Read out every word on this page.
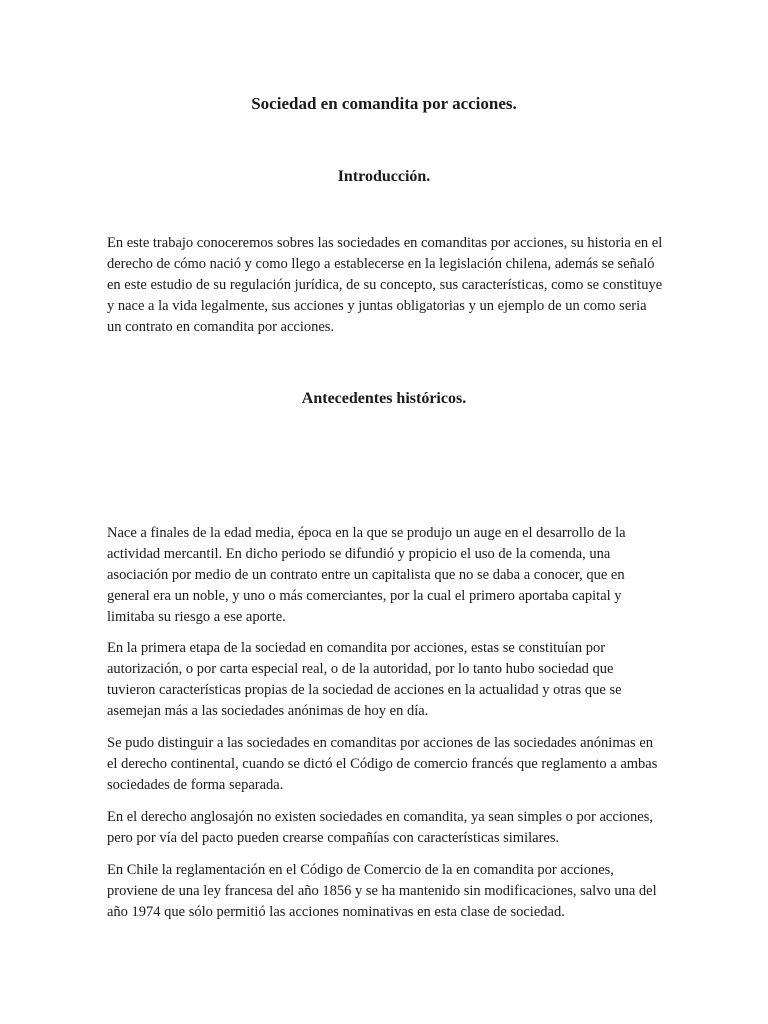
Sociedad en comandita por acciones.
Introducción.

En este trabajo conoceremos sobres las sociedades en comanditas por acciones, su historia en el derecho de cómo nació y como llego a establecerse en la legislación chilena, además se señaló en este estudio de su regulación jurídica, de su concepto, sus características, como se constituye y nace a la vida legalmente, sus acciones y juntas obligatorias y un ejemplo de un como seria un contrato en comandita por acciones.

Antecedentes históricos.

Nace a finales de la edad media, época en la que se produjo un auge en el desarrollo de la actividad mercantil. En dicho periodo se difundió y propicio el uso de la comenda, una asociación por medio de un contrato entre un capitalista que no se daba a conocer, que en general era un noble, y uno o más comerciantes, por la cual el primero aportaba capital y limitaba su riesgo a ese aporte.

En la primera etapa de la sociedad en comandita por acciones, estas se constituían por autorización, o por carta especial real, o de la autoridad, por lo tanto hubo sociedad que tuvieron características propias de la sociedad de acciones en la actualidad y otras que se asemejan más a las sociedades anónimas de hoy en día.

Se pudo distinguir a las sociedades en comanditas por acciones de las sociedades anónimas en el derecho continental, cuando se dictó el Código de comercio francés que reglamento a ambas sociedades de forma separada.

En el derecho anglosajón no existen sociedades en comandita, ya sean simples o por acciones, pero por vía del pacto pueden crearse compañías con características similares.

En Chile la reglamentación en el Código de Comercio de la en comandita por acciones, proviene de una ley francesa del año 1856 y se ha mantenido sin modificaciones, salvo una del año 1974 que sólo permitió las acciones nominativas en esta clase de sociedad.
